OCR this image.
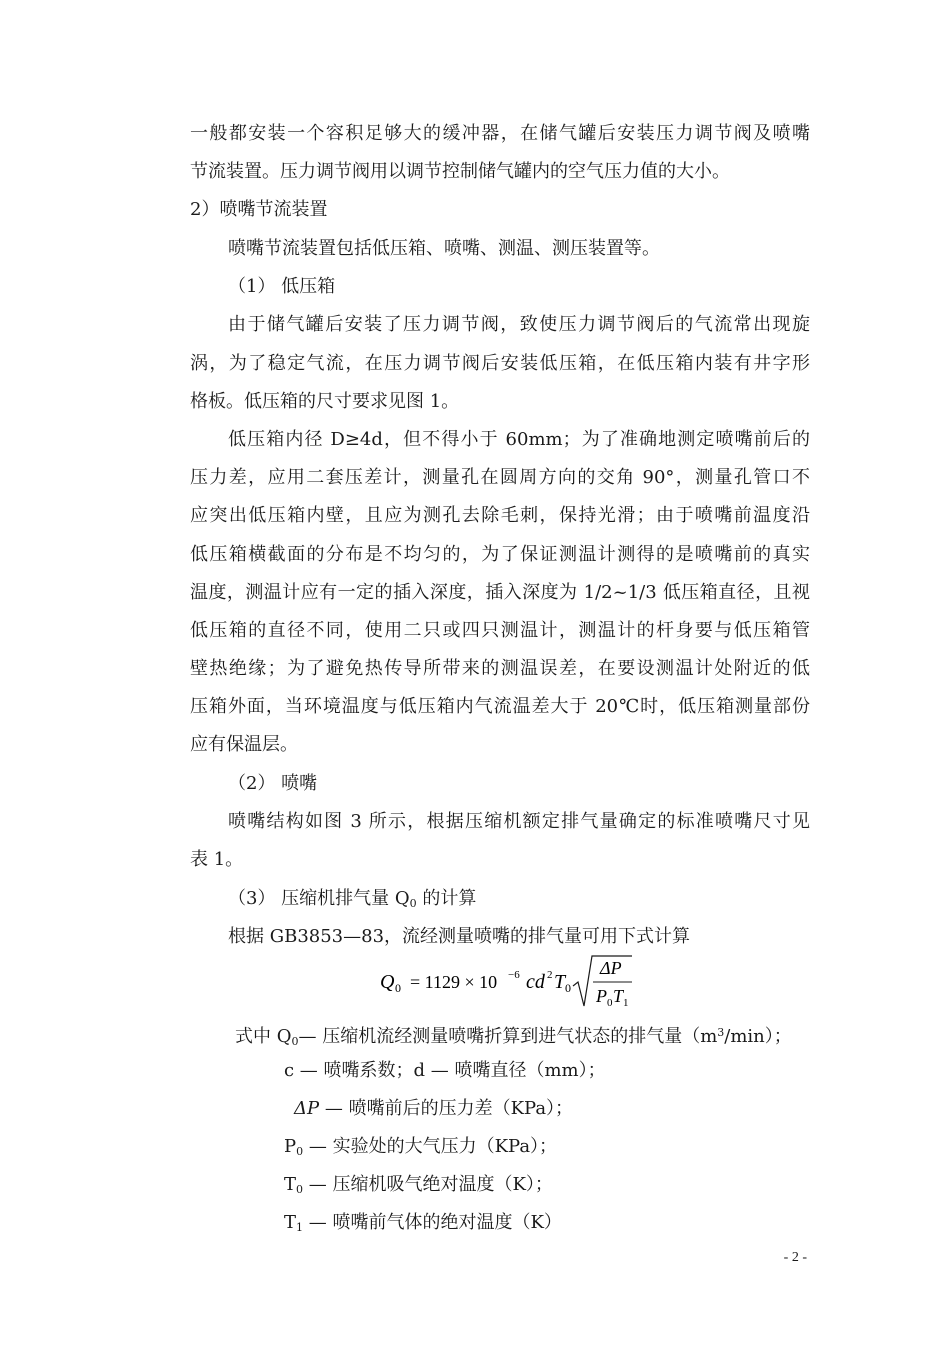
一般都安装一个容积足够大的缓冲器，在储气罐后安装压力调节阀及喷嘴
节流装置。压力调节阀用以调节控制储气罐内的空气压力值的大小。
2）喷嘴节流装置
喷嘴节流装置包括低压箱、喷嘴、测温、测压装置等。
（1） 低压箱
由于储气罐后安装了压力调节阀，致使压力调节阀后的气流常出现旋
涡，为了稳定气流，在压力调节阀后安装低压箱，在低压箱内装有井字形
格板。低压箱的尺寸要求见图 1。
低压箱内径 D≥4d，但不得小于 60mm；为了准确地测定喷嘴前后的
压力差，应用二套压差计，测量孔在圆周方向的交角 90°，测量孔管口不
应突出低压箱内壁，且应为测孔去除毛刺，保持光滑；由于喷嘴前温度沿
低压箱横截面的分布是不均匀的，为了保证测温计测得的是喷嘴前的真实
温度，测温计应有一定的插入深度，插入深度为 1/2~1/3 低压箱直径，且视
低压箱的直径不同，使用二只或四只测温计，测温计的杆身要与低压箱管
壁热绝缘；为了避免热传导所带来的测温误差，在要设测温计处附近的低
压箱外面，当环境温度与低压箱内气流温差大于 20℃时，低压箱测量部份
应有保温层。
（2） 喷嘴
喷嘴结构如图 3 所示，根据压缩机额定排气量确定的标准喷嘴尺寸见
表 1。
（3） 压缩机排气量 $Q_0$ 的计算
根据 GB3853—83，流经测量喷嘴的排气量可用下式计算
Q 0 = 1129 × 10 −6 cd 2 T 0
ΔP
P 0 T 1
式中 $Q_0—$ 压缩机流经测量喷嘴折算到进气状态的排气量$(m^3/\min)$；
c — 喷嘴系数；d — 喷嘴直径（mm）；
ΔP — 喷嘴前后的压力差（KPa）；
$P_0$ — 实验处的大气压力（KPa）；
$T_0$ — 压缩机吸气绝对温度（K）；
$T_1$ — 喷嘴前气体的绝对温度（K）
- 2 -
